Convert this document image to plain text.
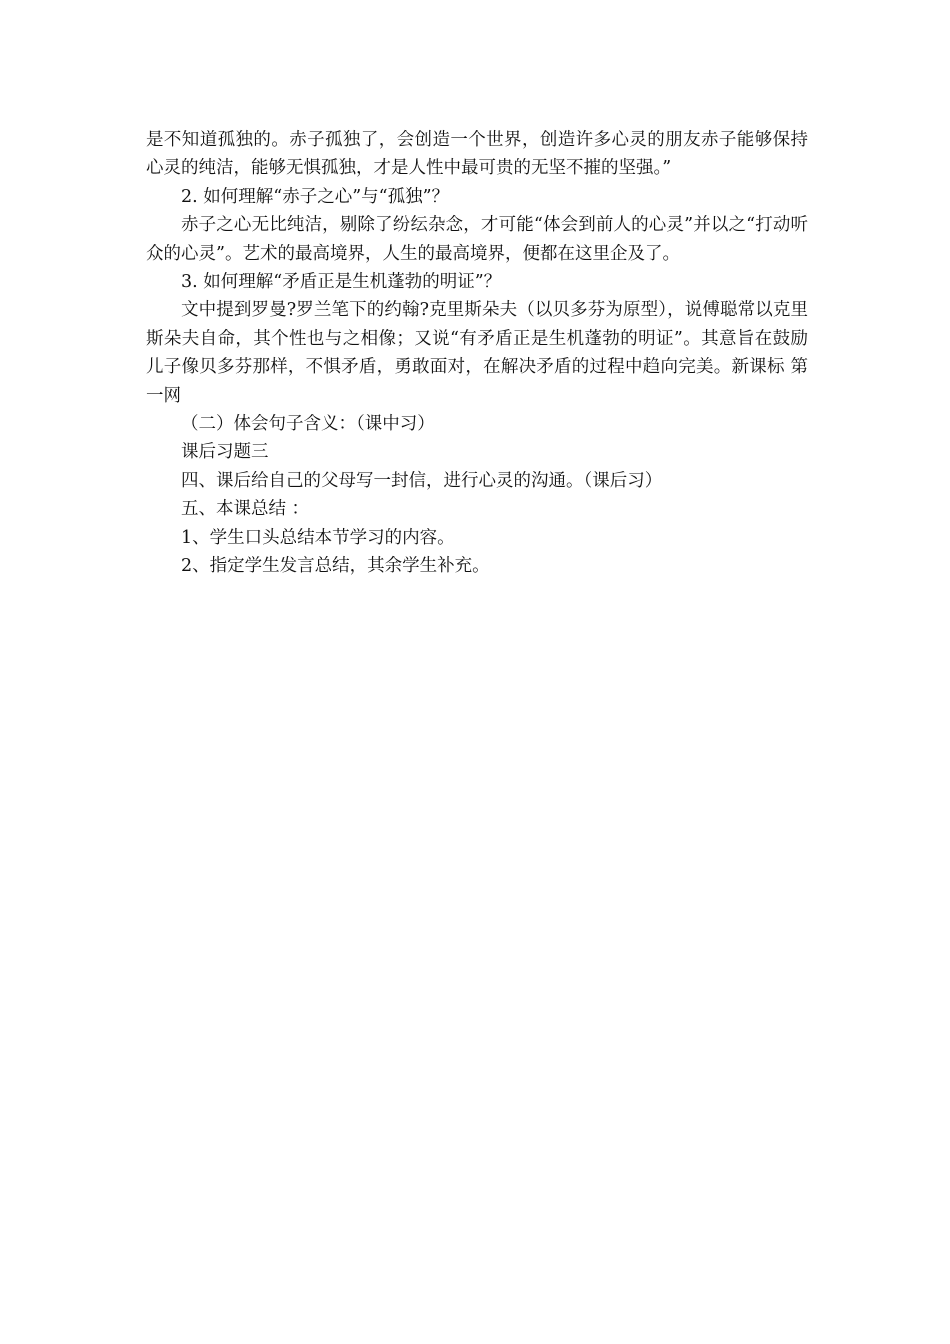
是不知道孤独的。赤子孤独了，会创造一个世界，创造许多心灵的朋友赤子能够保持心灵的纯洁，能够无惧孤独，才是人性中最可贵的无坚不摧的坚强。”

2. 如何理解“赤子之心”与“孤独”？

赤子之心无比纯洁，剔除了纷纭杂念，才可能“体会到前人的心灵”并以之“打动听众的心灵”。艺术的最高境界，人生的最高境界，便都在这里企及了。

3. 如何理解“矛盾正是生机蓬勃的明证”？

文中提到罗曼?罗兰笔下的约翰?克里斯朵夫（以贝多芬为原型），说傅聪常以克里斯朵夫自命，其个性也与之相像；又说“有矛盾正是生机蓬勃的明证”。其意旨在鼓励儿子像贝多芬那样，不惧矛盾，勇敢面对，在解决矛盾的过程中趋向完美。新课标 第一网

（二）体会句子含义：（课中习）

课后习题三

四、课后给自己的父母写一封信，进行心灵的沟通。（课后习）

五、本课总结 ：

1、学生口头总结本节学习的内容。

2、指定学生发言总结，其余学生补充。
